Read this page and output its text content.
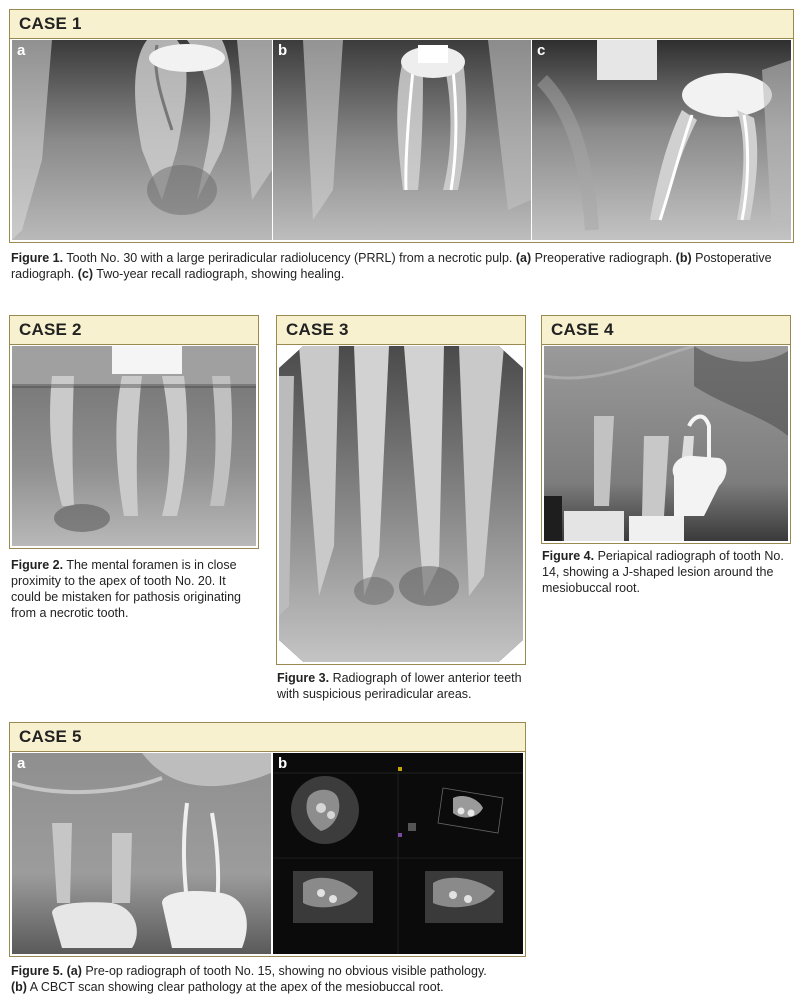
CASE 1
a	b	c
Figure 1. Tooth No. 30 with a large periradicular radiolucency (PRRL) from a necrotic pulp. (a) Preoperative radiograph. (b) Postoperative radiograph. (c) Two-year recall radiograph, showing healing.
CASE 2
Figure 2. The mental foramen is in close proximity to the apex of tooth No. 20. It could be mistaken for pathosis originating from a necrotic tooth.
CASE 3
Figure 3. Radiograph of lower anterior teeth with suspicious periradicular areas.
CASE 4
Figure 4. Periapical radiograph of tooth No. 14, showing a J-shaped lesion around the mesiobuccal root.
CASE 5
a	b
Figure 5. (a) Pre-op radiograph of tooth No. 15, showing no obvious visible pathology.
(b) A CBCT scan showing clear pathology at the apex of the mesiobuccal root.
